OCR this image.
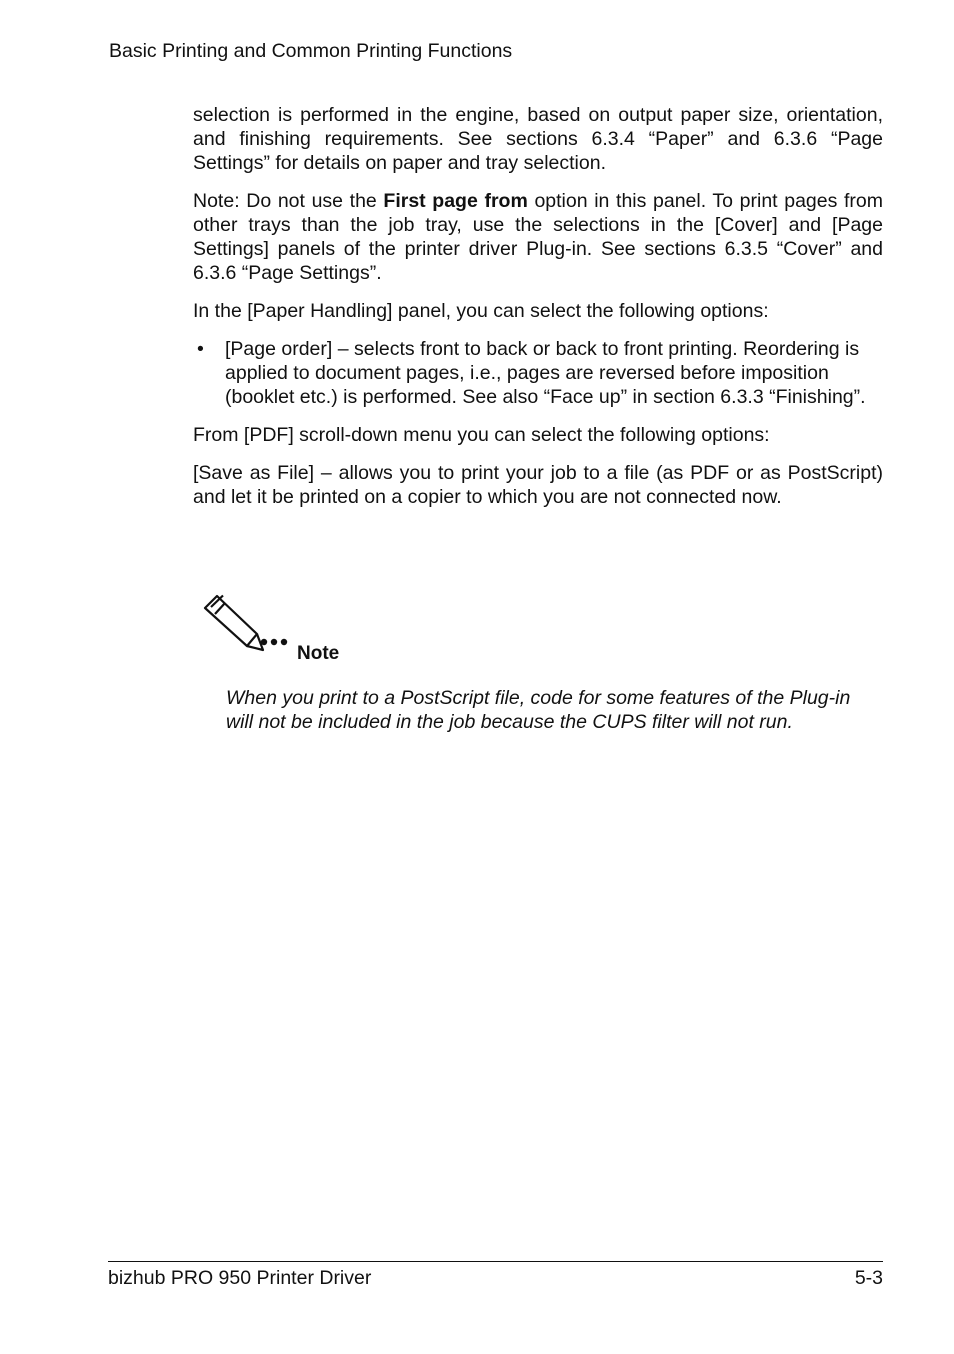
Basic Printing and Common Printing Functions

selection is performed in the engine, based on output paper size, orientation, and finishing requirements. See sections 6.3.4 “Paper” and 6.3.6 “Page Settings” for details on paper and tray selection.

Note: Do not use the First page from option in this panel. To print pages from other trays than the job tray, use the selections in the [Cover] and [Page Settings] panels of the printer driver Plug-in. See sections 6.3.5 “Cover” and 6.3.6 “Page Settings”.

In the [Paper Handling] panel, you can select the following options:

• [Page order] – selects front to back or back to front printing. Reordering is applied to document pages, i.e., pages are reversed before imposition (booklet etc.) is performed. See also “Face up” in section 6.3.3 “Finishing”.

From [PDF] scroll-down menu you can select the following options:

[Save as File] – allows you to print your job to a file (as PDF or as PostScript) and let it be printed on a copier to which you are not connected now.

Note
When you print to a PostScript file, code for some features of the Plug-in will not be included in the job because the CUPS filter will not run.
bizhub PRO 950 Printer Driver	5-3
